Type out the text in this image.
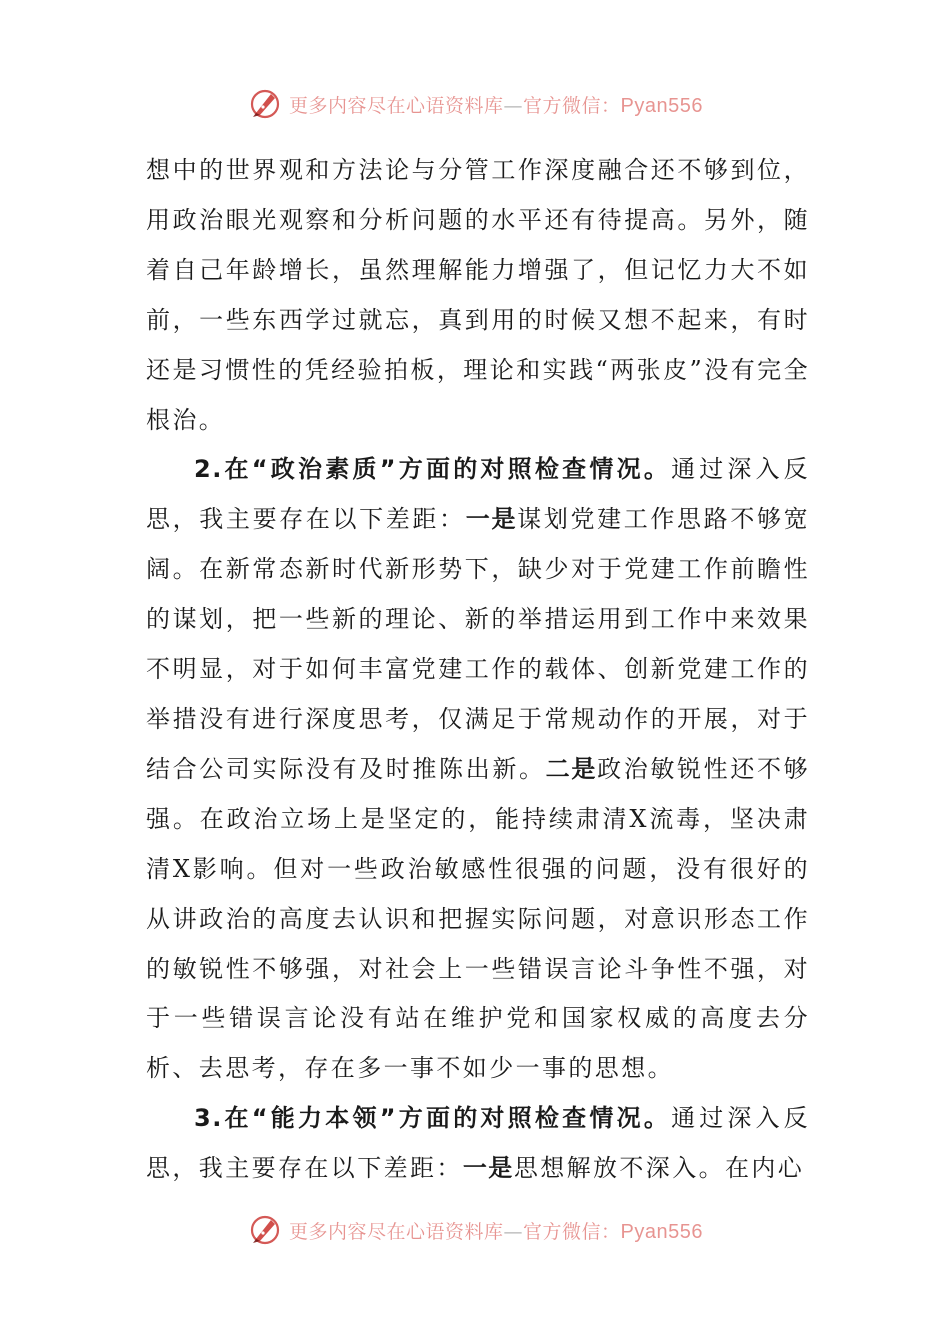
更多内容尽在心语资料库—官方微信：Pyan556

想中的世界观和方法论与分管工作深度融合还不够到位，用政治眼光观察和分析问题的水平还有待提高。另外，随着自己年龄增长，虽然理解能力增强了，但记忆力大不如前，一些东西学过就忘，真到用的时候又想不起来，有时还是习惯性的凭经验拍板，理论和实践“两张皮”没有完全根治。

2.在“政治素质”方面的对照检查情况。通过深入反思，我主要存在以下差距：一是谋划党建工作思路不够宽阔。在新常态新时代新形势下，缺少对于党建工作前瞻性的谋划，把一些新的理论、新的举措运用到工作中来效果不明显，对于如何丰富党建工作的载体、创新党建工作的举措没有进行深度思考，仅满足于常规动作的开展，对于结合公司实际没有及时推陈出新。二是政治敏锐性还不够强。在政治立场上是坚定的，能持续肃清X流毒，坚决肃清X影响。但对一些政治敏感性很强的问题，没有很好的从讲政治的高度去认识和把握实际问题，对意识形态工作的敏锐性不够强，对社会上一些错误言论斗争性不强，对于一些错误言论没有站在维护党和国家权威的高度去分析、去思考，存在多一事不如少一事的思想。

3.在“能力本领”方面的对照检查情况。通过深入反思，我主要存在以下差距：一是思想解放不深入。在内心

更多内容尽在心语资料库—官方微信：Pyan556
